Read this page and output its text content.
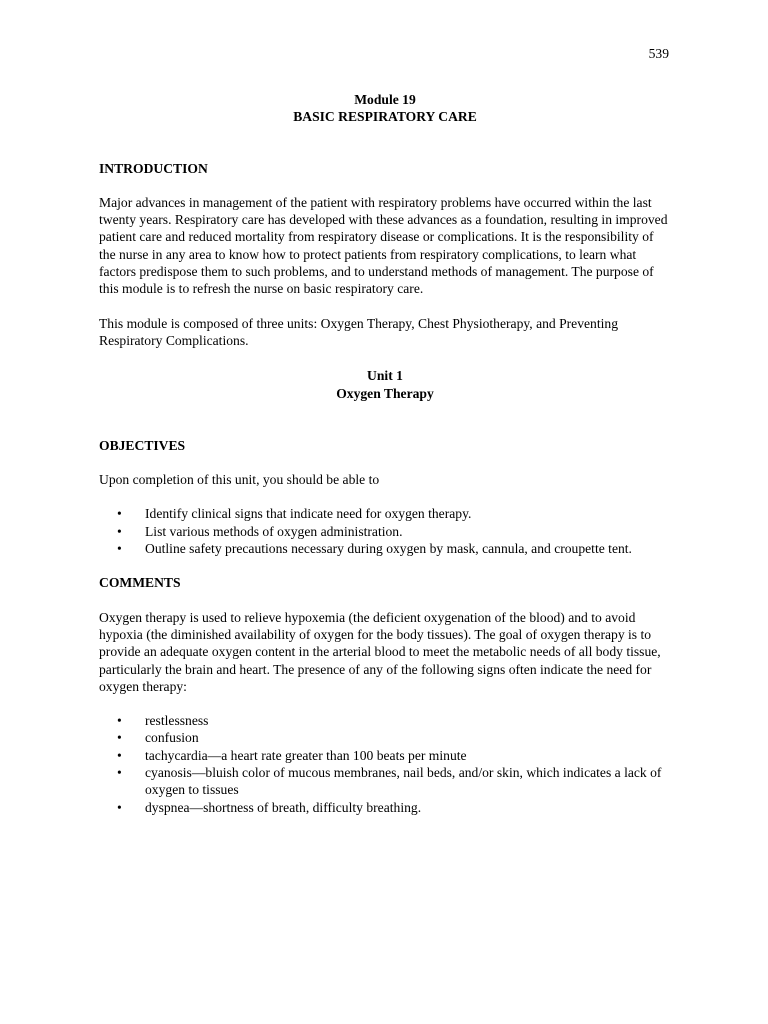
539

Module 19

BASIC RESPIRATORY CARE

INTRODUCTION

Major advances in management of the patient with respiratory problems have occurred within the last twenty years. Respiratory care has developed with these advances as a foundation, resulting in improved patient care and reduced mortality from respiratory disease or complications. It is the responsibility of the nurse in any area to know how to protect patients from respiratory complications, to learn what factors predispose them to such problems, and to understand methods of management. The purpose of this module is to refresh the nurse on basic respiratory care.

This module is composed of three units: Oxygen Therapy, Chest Physiotherapy, and Preventing Respiratory Complications.

Unit 1

Oxygen Therapy

OBJECTIVES

Upon completion of this unit, you should be able to

• Identify clinical signs that indicate need for oxygen therapy.
• List various methods of oxygen administration.
• Outline safety precautions necessary during oxygen by mask, cannula, and croupette tent.

COMMENTS

Oxygen therapy is used to relieve hypoxemia (the deficient oxygenation of the blood) and to avoid hypoxia (the diminished availability of oxygen for the body tissues). The goal of oxygen therapy is to provide an adequate oxygen content in the arterial blood to meet the metabolic needs of all body tissue, particularly the brain and heart. The presence of any of the following signs often indicate the need for oxygen therapy:

• restlessness
• confusion
• tachycardia—a heart rate greater than 100 beats per minute
• cyanosis—bluish color of mucous membranes, nail beds, and/or skin, which indicates a lack of oxygen to tissues
• dyspnea—shortness of breath, difficulty breathing.
